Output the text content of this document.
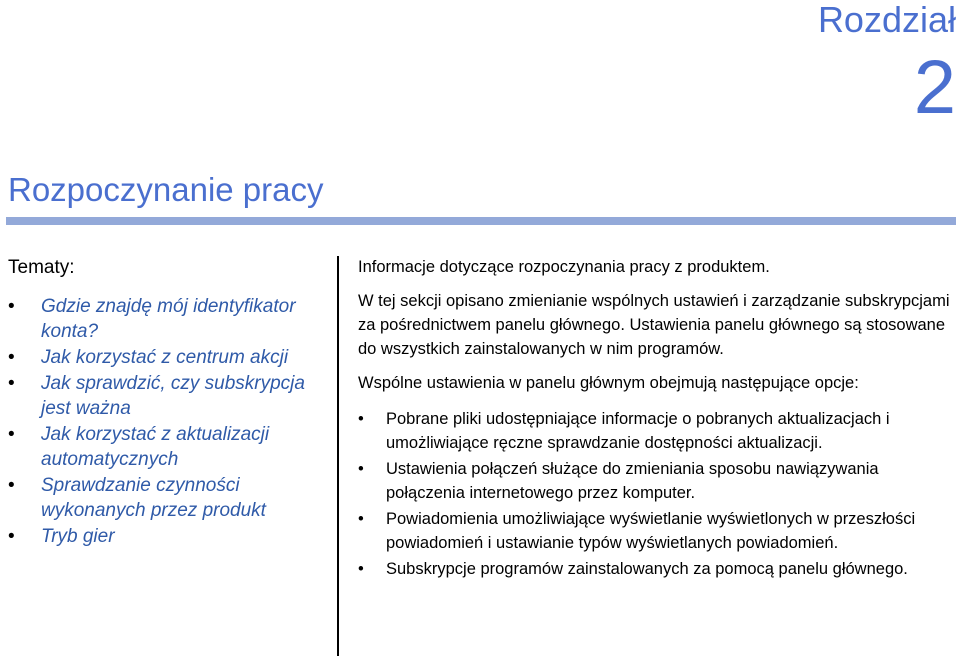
Rozdział
2
Rozpoczynanie pracy
Tematy:
• Gdzie znajdę mój identyfikator konta?
• Jak korzystać z centrum akcji
• Jak sprawdzić, czy subskrypcja jest ważna
• Jak korzystać z aktualizacji automatycznych
• Sprawdzanie czynności wykonanych przez produkt
• Tryb gier

Informacje dotyczące rozpoczynania pracy z produktem.

W tej sekcji opisano zmienianie wspólnych ustawień i zarządzanie subskrypcjami za pośrednictwem panelu głównego. Ustawienia panelu głównego są stosowane do wszystkich zainstalowanych w nim programów.

Wspólne ustawienia w panelu głównym obejmują następujące opcje:

• Pobrane pliki udostępniające informacje o pobranych aktualizacjach i umożliwiające ręczne sprawdzanie dostępności aktualizacji.
• Ustawienia połączeń służące do zmieniania sposobu nawiązywania połączenia internetowego przez komputer.
• Powiadomienia umożliwiające wyświetlanie wyświetlonych w przeszłości powiadomień i ustawianie typów wyświetlanych powiadomień.
• Subskrypcje programów zainstalowanych za pomocą panelu głównego.
